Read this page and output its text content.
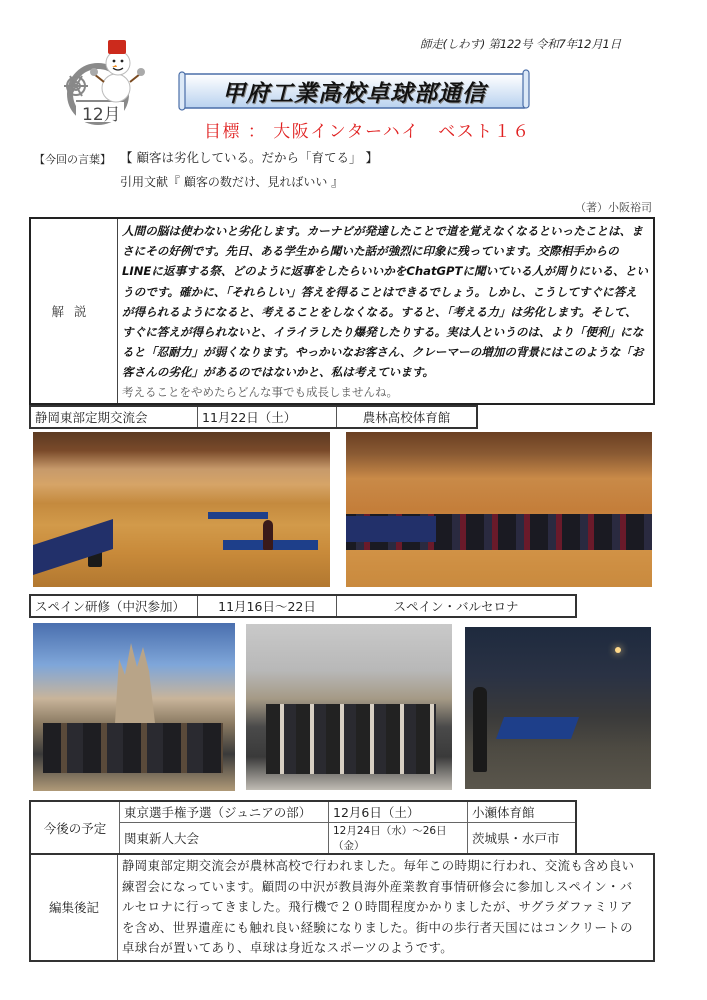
師走(しわす) 第122号 令和7年12月1日
12月
甲府工業高校卓球部通信
目標 ： 大阪インターハイ　ベスト１６
【今回の言葉】 【 顧客は劣化している。だから「育てる」 】
引用文献『 顧客の数だけ、見ればいい 』
（著）小阪裕司
解説	
人間の脳は使わないと劣化します。カーナビが発達したことで道を覚えなくなるといったことは、ま
さにその好例です。先日、ある学生から聞いた話が強烈に印象に残っています。交際相手からの
LINEに返事する祭、どのように返事をしたらいいかをChatGPTに聞いている人が周りにいる、とい
うのです。確かに、「それらしい」答えを得ることはできるでしょう。しかし、こうしてすぐに答え
が得られるようになると、考えることをしなくなる。すると、「考える力」は劣化します。そして、
すぐに答えが得られないと、イライラしたり爆発したりする。実は人というのは、より「便利」にな
ると「忍耐力」が弱くなります。やっかいなお客さん、クレーマーの増加の背景にはこのような「お
客さんの劣化」があるのではないかと、私は考えています。
考えることをやめたらどんな事でも成長しませんね。
静岡東部定期交流会	11月22日（土）	農林高校体育館
スペイン研修（中沢参加）	11月16日～22日	スペイン・バルセロナ
今後の予定	東京選手権予選（ジュニアの部）	12月6日（土）	小瀬体育館
	関東新人大会	12月24日（水）～26日（金）	茨城県・水戸市
編集後記	
静岡東部定期交流会が農林高校で行われました。毎年この時期に行われ、交流も含め良い
練習会になっています。顧問の中沢が教員海外産業教育事情研修会に参加しスペイン・バ
ルセロナに行ってきました。飛行機で２０時間程度かかりましたが、サグラダファミリア
を含め、世界遺産にも触れ良い経験になりました。街中の歩行者天国にはコンクリートの
卓球台が置いてあり、卓球は身近なスポーツのようです。
